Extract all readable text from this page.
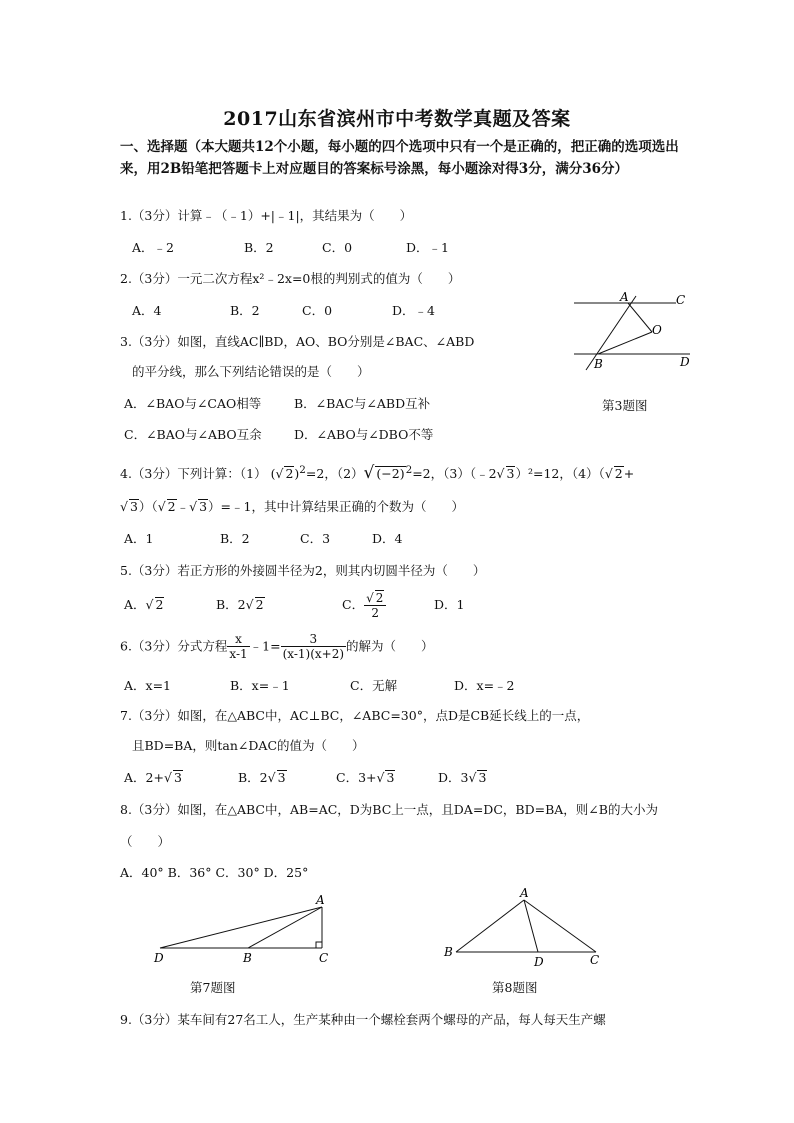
2017山东省滨州市中考数学真题及答案
一、选择题（本大题共12个小题，每小题的四个选项中只有一个是正确的，把正确的选项选出来，用2B铅笔把答题卡上对应题目的答案标号涂黑，每小题涂对得3分，满分36分）
1.（3分）计算﹣（﹣1）+|﹣1|，其结果为（　　）
A．﹣2	B．2	C．0	D．﹣1
2.（3分）一元二次方程x²﹣2x=0根的判别式的值为（　　）
A．4	B．2	C．0	D．﹣4
A	C
O
B	D
3.（3分）如图，直线AC∥BD，AO、BO分别是∠BAC、∠ABD
的平分线，那么下列结论错误的是（　　）
A．∠BAO与∠CAO相等	B．∠BAC与∠ABD互补	第3题图
C．∠BAO与∠ABO互余	D．∠ABO与∠DBO不等
4.（3分）下列计算：（1） (√ 2)$^2$=2，（2）√ $(-2)^2=2$，（3）（﹣2√ 3）²=12，（4）（√ 2+
√ 3）（√ 2﹣√ 3）=﹣1，其中计算结果正确的个数为（　　）
A．1	B．2	C．3	D．4
5.（3分）若正方形的外接圆半径为2，则其内切圆半径为（　　）
A．√ 2	B．2√ 2	C． $\frac{√ 2}{2}$	D．1
6.（3分）分式方程 $\frac{x}{x-1}$ ﹣1= $\frac{3}{(x-1)(x+2)}$ 的解为（　　）
A．x=1	B．x=﹣1	C．无解	D．x=﹣2
7.（3分）如图，在△ABC中，AC⊥BC，∠ABC=30°，点D是CB延长线上的一点，
且BD=BA，则tan∠DAC的值为（　　）
A．2+√ 3	B．2√ 3	C．3+√ 3	D．3√ 3
8.（3分）如图，在△ABC中，AB=AC，D为BC上一点，且DA=DC，BD=BA，则∠B的大小为
（　　）
A．40° B．36° C．30° D．25°
A
D	B	C
第7题图
A
B
D	C
第8题图
9.（3分）某车间有27名工人，生产某种由一个螺栓套两个螺母的产品，每人每天生产螺
